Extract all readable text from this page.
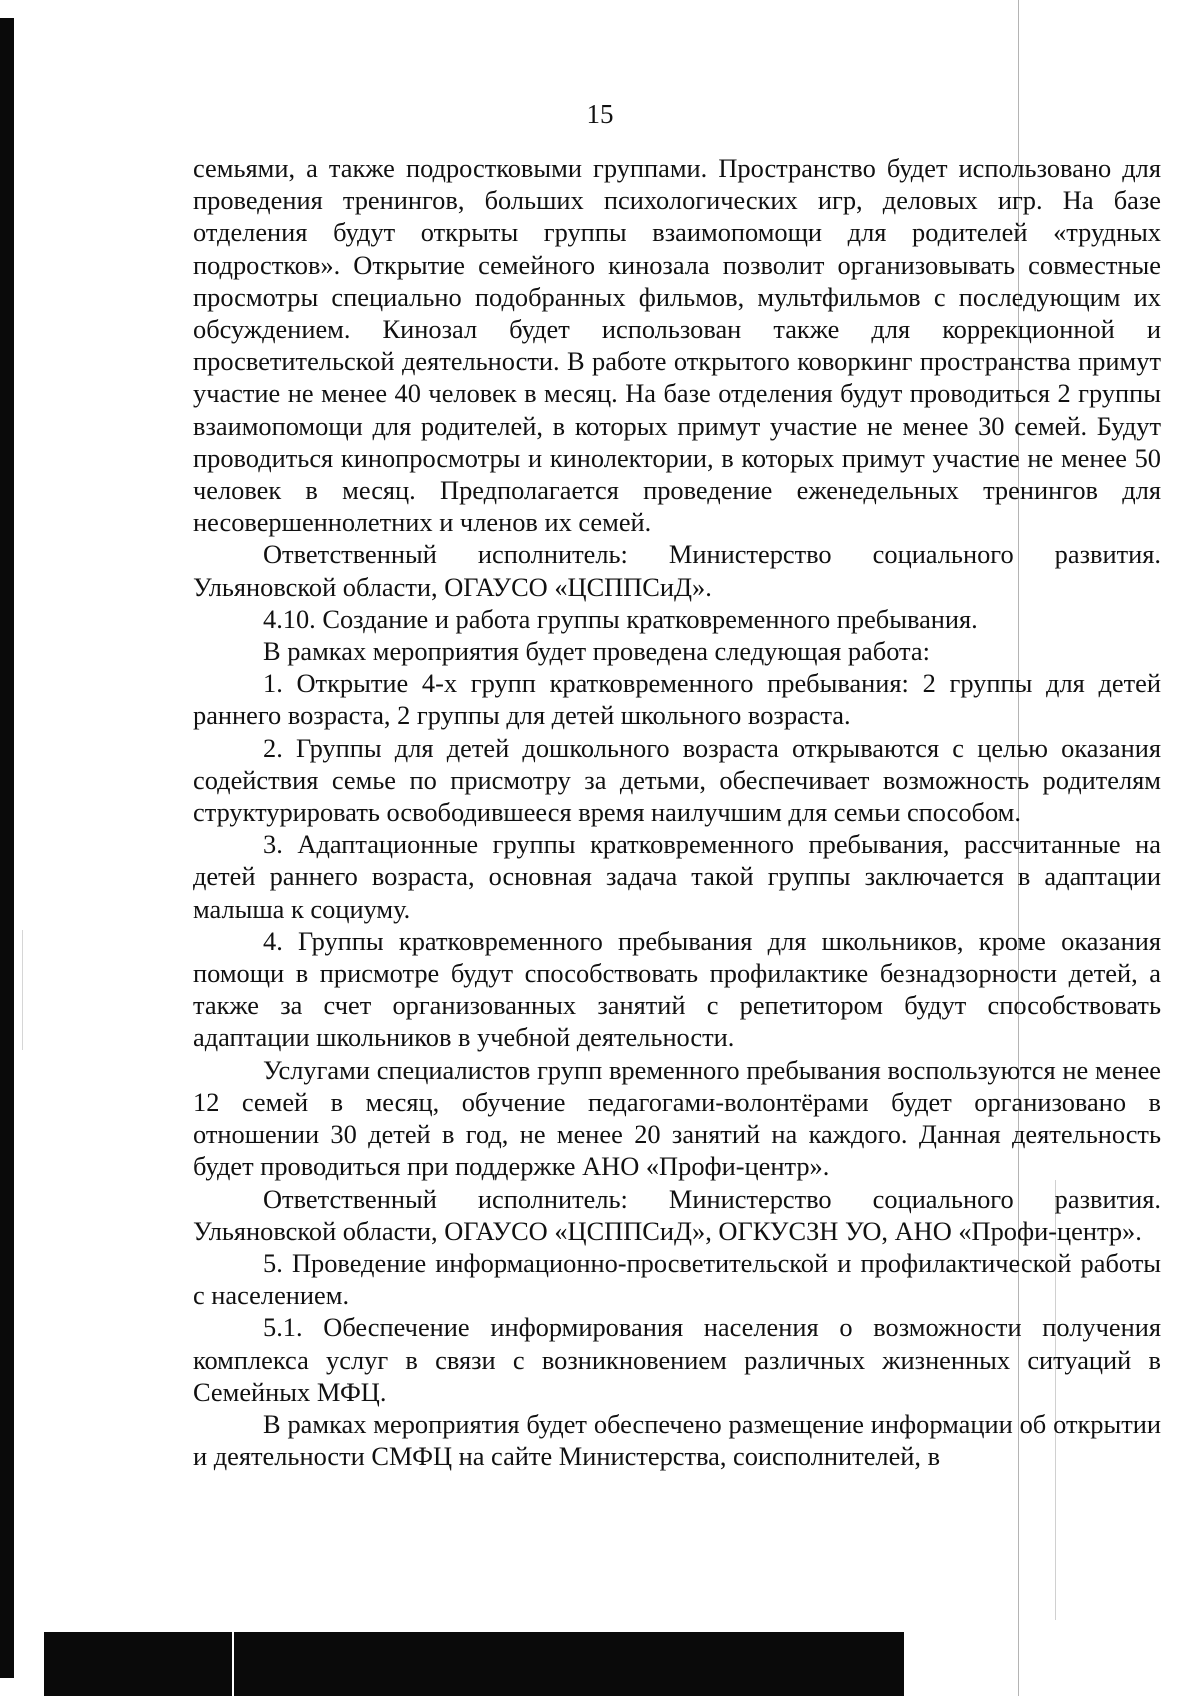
15

семьями, а также подростковыми группами. Пространство будет использовано для проведения тренингов, больших психологических игр, деловых игр. На базе отделения будут открыты группы взаимопомощи для родителей «трудных подростков». Открытие семейного кинозала позволит организовывать совместные просмотры специально подобранных фильмов, мультфильмов с последующим их обсуждением. Кинозал будет использован также для коррекционной и просветительской деятельности. В работе открытого коворкинг пространства примут участие не менее 40 человек в месяц. На базе отделения будут проводиться 2 группы взаимопомощи для родителей, в которых примут участие не менее 30 семей. Будут проводиться кинопросмотры и кинолектории, в которых примут участие не менее 50 человек в месяц. Предполагается проведение еженедельных тренингов для несовершеннолетних и членов их семей.

Ответственный исполнитель: Министерство социального развития. Ульяновской области, ОГАУСО «ЦСППСиД».

4.10. Создание и работа группы кратковременного пребывания.

В рамках мероприятия будет проведена следующая работа:

1. Открытие 4-х групп кратковременного пребывания: 2 группы для детей раннего возраста, 2 группы для детей школьного возраста.

2. Группы для детей дошкольного возраста открываются с целью оказания содействия семье по присмотру за детьми, обеспечивает возможность родителям структурировать освободившееся время наилучшим для семьи способом.

3. Адаптационные группы кратковременного пребывания, рассчитанные на детей раннего возраста, основная задача такой группы заключается в адаптации малыша к социуму.

4. Группы кратковременного пребывания для школьников, кроме оказания помощи в присмотре будут способствовать профилактике безнадзорности детей, а также за счет организованных занятий с репетитором будут способствовать адаптации школьников в учебной деятельности.

Услугами специалистов групп временного пребывания воспользуются не менее 12 семей в месяц, обучение педагогами-волонтёрами будет организовано в отношении 30 детей в год, не менее 20 занятий на каждого. Данная деятельность будет проводиться при поддержке АНО «Профи-центр».

Ответственный исполнитель: Министерство социального развития. Ульяновской области, ОГАУСО «ЦСППСиД», ОГКУСЗН УО, АНО «Профи-центр».

5. Проведение информационно-просветительской и профилактической работы с населением.

5.1. Обеспечение информирования населения о возможности получения комплекса услуг в связи с возникновением различных жизненных ситуаций в Семейных МФЦ.

В рамках мероприятия будет обеспечено размещение информации об открытии и деятельности СМФЦ на сайте Министерства, соисполнителей, в
